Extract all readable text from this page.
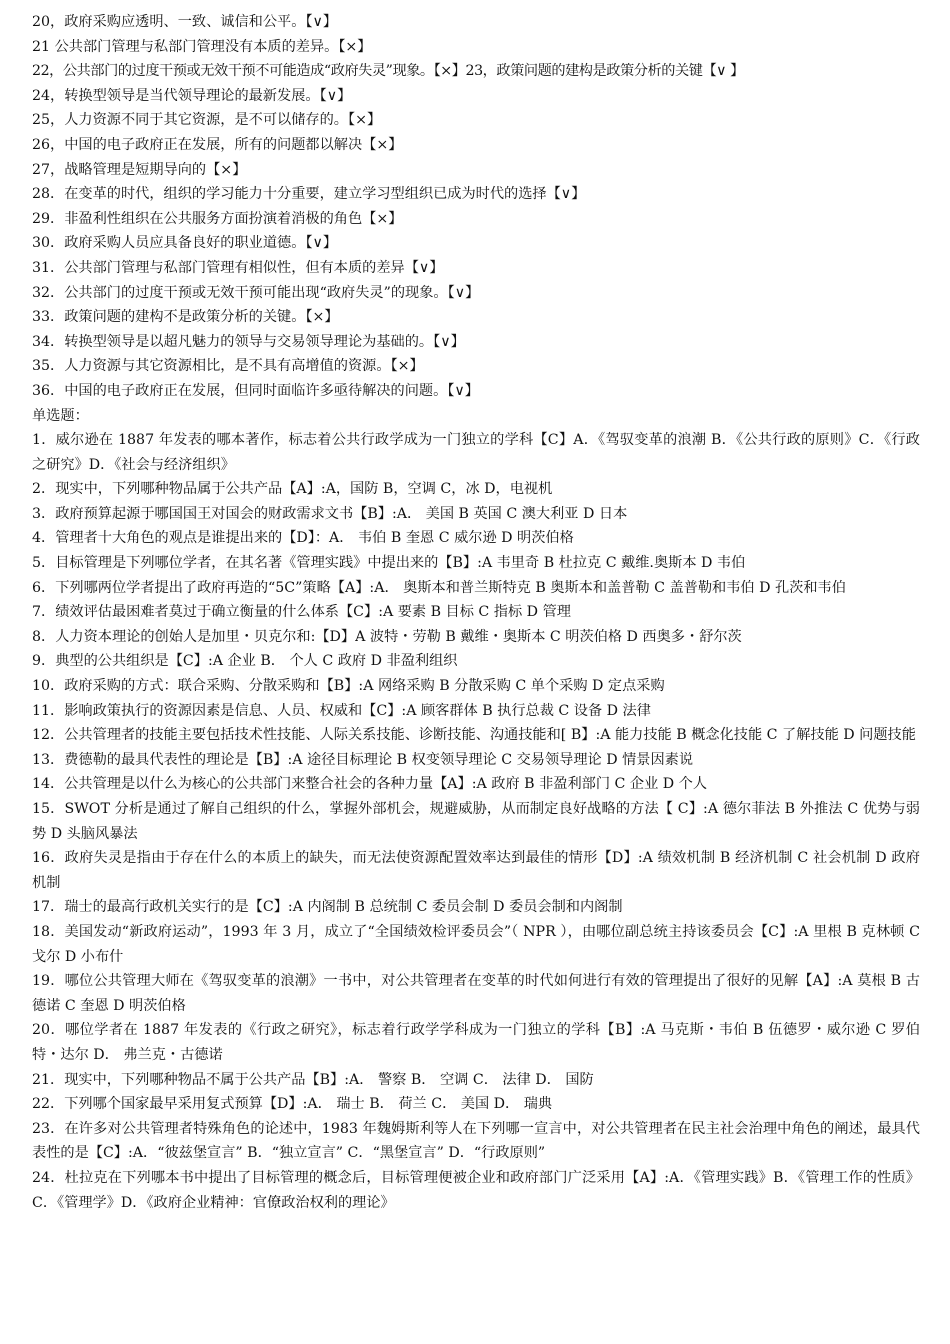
20，政府采购应透明、一致、诚信和公平。【∨】

21 公共部门管理与私部门管理没有本质的差异。【×】

22，公共部门的过度干预或无效干预不可能造成“政府失灵”现象。【×】23，政策问题的建构是政策分析的关键【∨ 】

24，转换型领导是当代领导理论的最新发展。【∨】

25，人力资源不同于其它资源，是不可以储存的。【×】

26，中国的电子政府正在发展，所有的问题都以解决【×】

27，战略管理是短期导向的【×】

28．在变革的时代，组织的学习能力十分重要，建立学习型组织已成为时代的选择【∨】

29．非盈利性组织在公共服务方面扮演着消极的角色【×】

30．政府采购人员应具备良好的职业道德。【∨】

31．公共部门管理与私部门管理有相似性，但有本质的差异【∨】

32．公共部门的过度干预或无效干预可能出现“政府失灵”的现象。【∨】

33．政策问题的建构不是政策分析的关键。【×】

34．转换型领导是以超凡魅力的领导与交易领导理论为基础的。【∨】

35．人力资源与其它资源相比，是不具有高增值的资源。【×】

36．中国的电子政府正在发展，但同时面临许多亟待解决的问题。【∨】

单选题：

1．威尔逊在 1887 年发表的哪本著作，标志着公共行政学成为一门独立的学科【C】A．《驾驭变革的浪潮 B．《公共行政的原则》C．《行政之研究》D．《社会与经济组织》

2．现实中，下列哪种物品属于公共产品【A】:A，国防 B，空调 C，冰 D，电视机

3．政府预算起源于哪国国王对国会的财政需求文书【B】:A． 美国 B 英国 C 澳大利亚 D 日本

4．管理者十大角色的观点是谁提出来的【D】：A． 韦伯 B 奎恩 C 威尔逊 D 明茨伯格

5．目标管理是下列哪位学者，在其名著《管理实践》中提出来的【B】:A 韦里奇 B 杜拉克 C 戴维.奥斯本 D 韦伯

6．下列哪两位学者提出了政府再造的“5C”策略【A】:A． 奥斯本和普兰斯特克 B 奥斯本和盖普勒 C 盖普勒和韦伯 D 孔茨和韦伯

7．绩效评估最困难者莫过于确立衡量的什么体系【C】:A 要素 B 目标 C 指标 D 管理

8．人力资本理论的创始人是加里・贝克尔和:【D】A 波特・劳勒 B 戴维・奥斯本 C 明茨伯格 D 西奥多・舒尔茨

9．典型的公共组织是【C】:A 企业 B． 个人 C 政府 D 非盈利组织

10．政府采购的方式：联合采购、分散采购和【B】:A 网络采购 B 分散采购 C 单个采购 D 定点采购

11．影响政策执行的资源因素是信息、人员、权威和【C】:A 顾客群体 B 执行总裁 C 设备 D 法律

12．公共管理者的技能主要包括技术性技能、人际关系技能、诊断技能、沟通技能和[ B】:A 能力技能 B 概念化技能 C 了解技能 D 问题技能

13．费德勒的最具代表性的理论是【B】:A 途径目标理论 B 权变领导理论 C 交易领导理论 D 情景因素说

14．公共管理是以什么为核心的公共部门来整合社会的各种力量【A】:A 政府 B 非盈利部门 C 企业 D 个人

15．SWOT 分析是通过了解自己组织的什么，掌握外部机会，规避威胁，从而制定良好战略的方法【 C】:A 德尔菲法 B 外推法 C 优势与弱势 D 头脑风暴法

16．政府失灵是指由于存在什么的本质上的缺失，而无法使资源配置效率达到最佳的情形【D】:A 绩效机制 B 经济机制 C 社会机制 D 政府机制

17．瑞士的最高行政机关实行的是【C】:A 内阁制 B 总统制 C 委员会制 D 委员会制和内阁制

18．美国发动“新政府运动”，1993 年 3 月，成立了“全国绩效检评委员会”（ NPR ），由哪位副总统主持该委员会【C】:A 里根 B 克林顿 C 戈尔 D 小布什

19．哪位公共管理大师在《驾驭变革的浪潮》一书中，对公共管理者在变革的时代如何进行有效的管理提出了很好的见解【A】:A 莫根 B 古德诺 C 奎恩 D 明茨伯格

20．哪位学者在 1887 年发表的《行政之研究》，标志着行政学学科成为一门独立的学科【B】:A 马克斯・韦伯 B 伍德罗・威尔逊 C 罗伯特・达尔 D． 弗兰克・古德诺

21．现实中，下列哪种物品不属于公共产品【B】:A． 警察 B． 空调 C． 法律 D． 国防

22．下列哪个国家最早采用复式预算【D】:A． 瑞士 B． 荷兰 C． 美国 D． 瑞典

23．在许多对公共管理者特殊角色的论述中，1983 年魏姆斯利等人在下列哪一宣言中，对公共管理者在民主社会治理中角色的阐述，最具代表性的是【C】:A．“彼兹堡宣言” B．“独立宣言” C．“黑堡宣言” D．“行政原则”

24．杜拉克在下列哪本书中提出了目标管理的概念后，目标管理便被企业和政府部门广泛采用【A】:A．《管理实践》B．《管理工作的性质》C．《管理学》D．《政府企业精神：官僚政治权利的理论》
